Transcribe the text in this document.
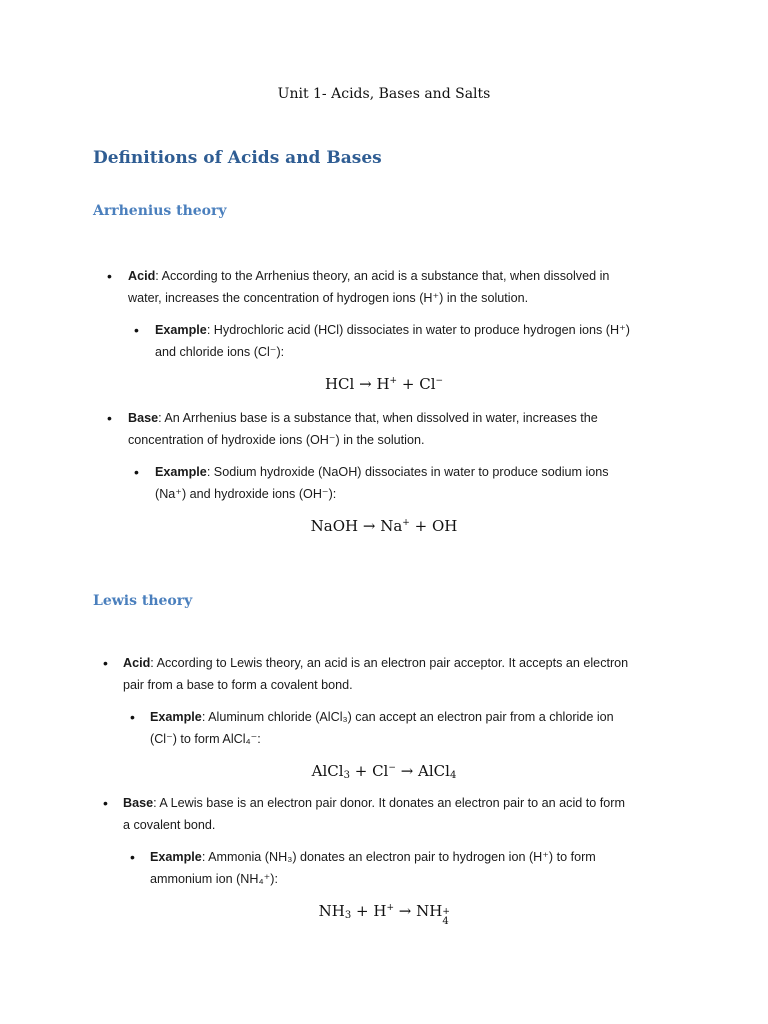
Unit 1- Acids, Bases and Salts
Definitions of Acids and Bases
Arrhenius theory
• Acid: According to the Arrhenius theory, an acid is a substance that, when dissolved in
water, increases the concentration of hydrogen ions (H⁺) in the solution.
• Example: Hydrochloric acid (HCl) dissociates in water to produce hydrogen ions (H⁺)
and chloride ions (Cl⁻):
HCl → H+ + Cl−
• Base: An Arrhenius base is a substance that, when dissolved in water, increases the
concentration of hydroxide ions (OH⁻) in the solution.
• Example: Sodium hydroxide (NaOH) dissociates in water to produce sodium ions
(Na⁺) and hydroxide ions (OH⁻):
NaOH → Na+ + OH
Lewis theory
• Acid: According to Lewis theory, an acid is an electron pair acceptor. It accepts an electron
pair from a base to form a covalent bond.
• Example: Aluminum chloride (AlCl₃) can accept an electron pair from a chloride ion
(Cl⁻) to form AlCl₄⁻:
AlCl$_3$ + Cl− → AlCl$_4$
• Base: A Lewis base is an electron pair donor. It donates an electron pair to an acid to form
a covalent bond.
• Example: Ammonia (NH₃) donates an electron pair to hydrogen ion (H⁺) to form
ammonium ion (NH₄⁺):
$NH_3 + H^+$ → NH +
4
